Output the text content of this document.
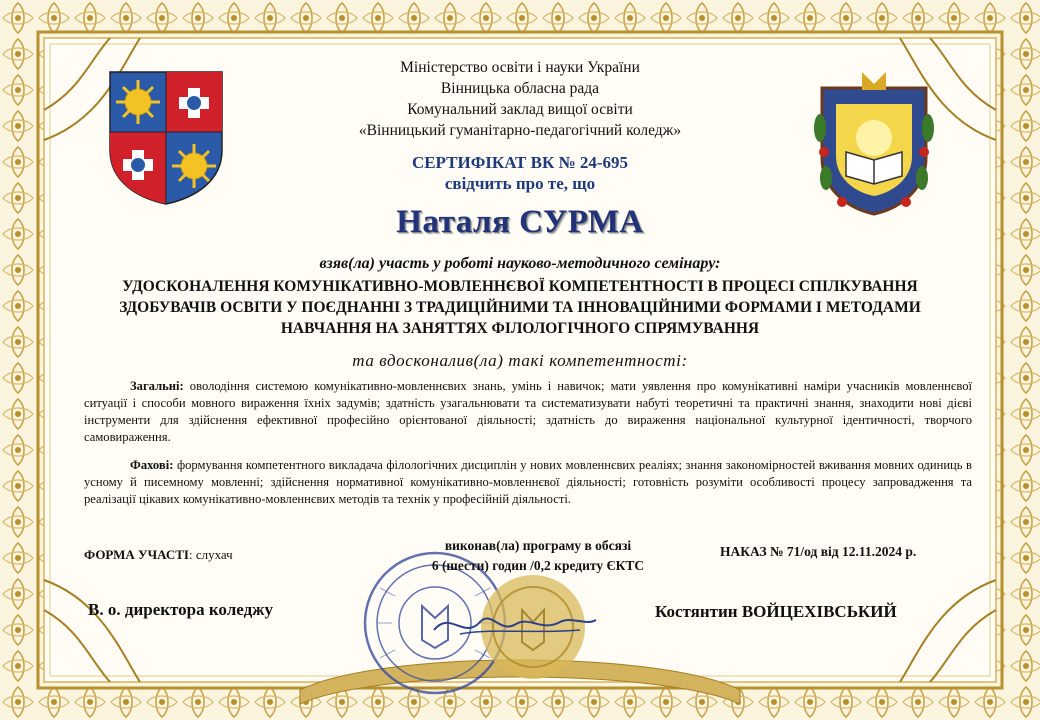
Міністерство освіти і науки України
Вінницька обласна рада
Комунальний заклад вищої освіти
«Вінницький гуманітарно-педагогічний коледж»
СЕРТИФІКАТ ВК № 24-695
свідчить про те, що
Наталя СУРМА
взяв(ла) участь у роботі науково-методичного семінару:
УДОСКОНАЛЕННЯ КОМУНІКАТИВНО-МОВЛЕННЄВОЇ КОМПЕТЕНТНОСТІ В ПРОЦЕСІ СПІЛКУВАННЯ ЗДОБУВАЧІВ ОСВІТИ У ПОЄДНАННІ З ТРАДИЦІЙНИМИ ТА ІННОВАЦІЙНИМИ ФОРМАМИ І МЕТОДАМИ НАВЧАННЯ НА ЗАНЯТТЯХ ФІЛОЛОГІЧНОГО СПРЯМУВАННЯ
та вдосконалив(ла) такі компетентності:
Загальні: оволодіння системою комунікативно-мовленнєвих знань, умінь і навичок; мати уявлення про комунікативні наміри учасників мовленнєвої ситуації і способи мовного вираження їхніх задумів; здатність узагальнювати та систематизувати набуті теоретичні та практичні знання, знаходити нові дієві інструменти для здійснення ефективної професійно орієнтованої діяльності; здатність до вираження національної культурної ідентичності, творчого самовираження.
Фахові: формування компетентного викладача філологічних дисциплін у нових мовленнєвих реаліях; знання закономірностей вживання мовних одиниць в усному й писемному мовленні; здійснення нормативної комунікативно-мовленнєвої діяльності; готовність розуміти особливості процесу запровадження та реалізації цікавих комунікативно-мовленнєвих методів та технік у професійній діяльності.
ФОРМА УЧАСТІ: слухач
виконав(ла) програму в обсязі
6 (шести) годин /0,2 кредиту ЄКТС
НАКАЗ № 71/од від 12.11.2024 р.
В. о. директора коледжу	Костянтин ВОЙЦЕХІВСЬКИЙ
